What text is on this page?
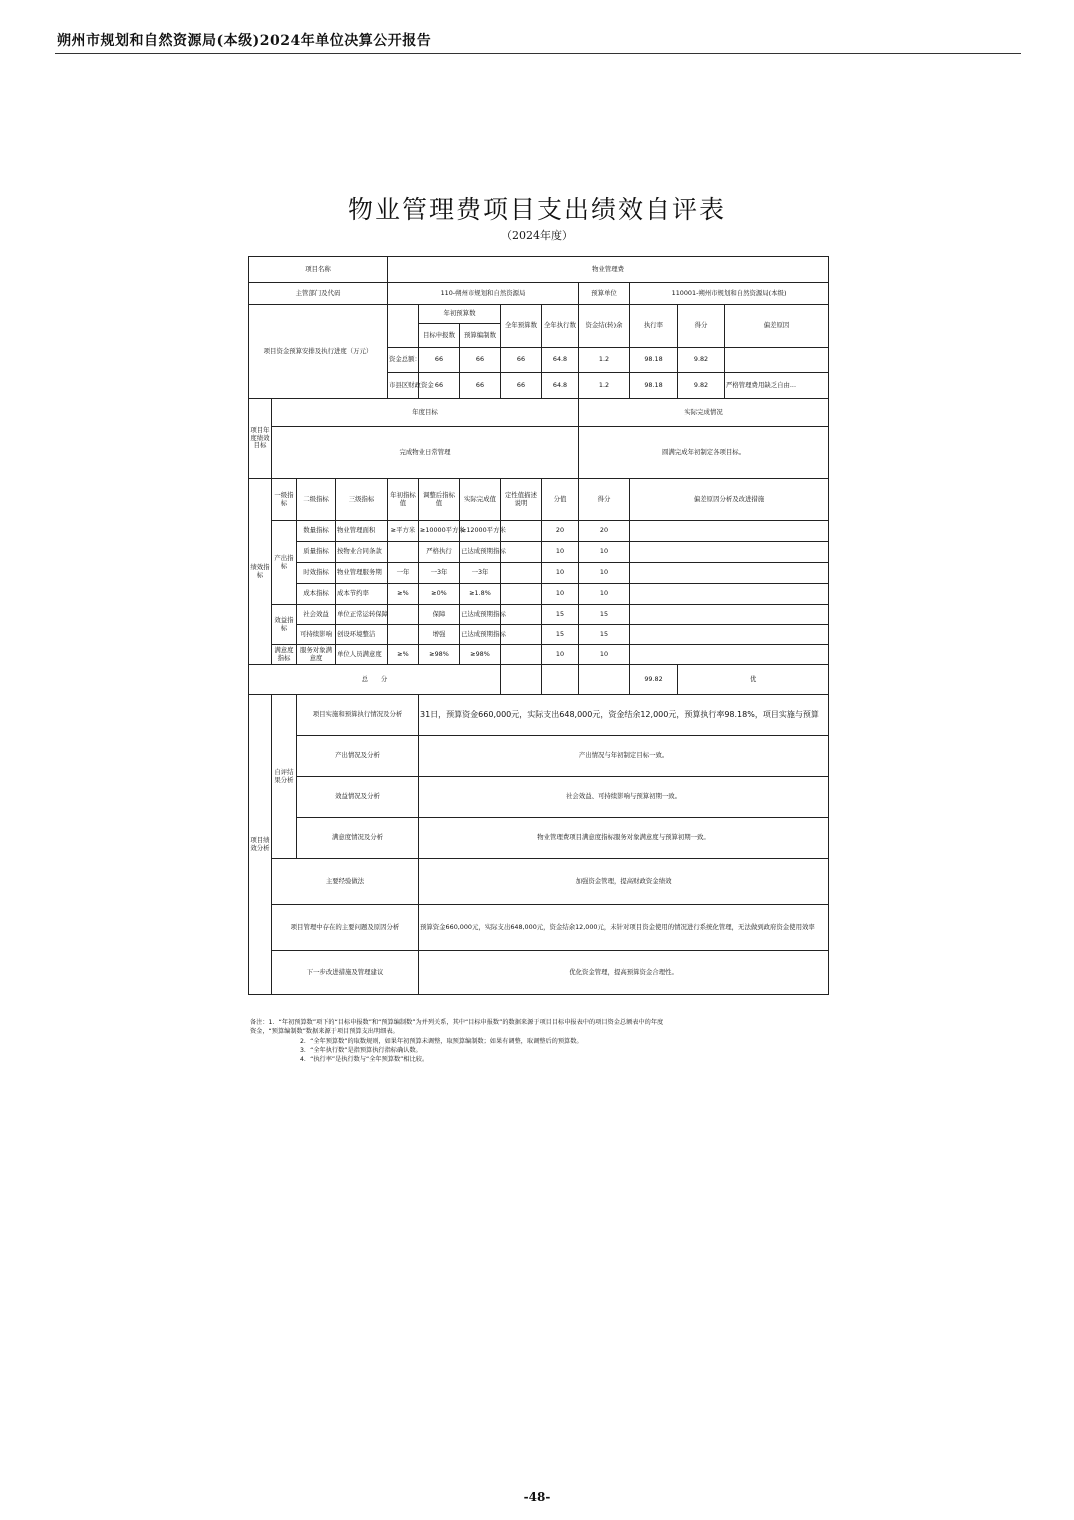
朔州市规划和自然资源局(本级)2024年单位决算公开报告
物业管理费项目支出绩效自评表
（2024年度）
项目名称				物业管理费								
主管部门及代码				110-朔州市规划和自然资源局					预算单位	110001-朔州市规划和自然资源局(本级)		
项目资金预算安排及执行进度（万元）					年初预算数		全年预算数	全年执行数	资金结(转)余	执行率	得分	偏差原因
					目标申报数	预算编制数						
				资金总额：	66	66	66	64.8	1.2	98.18	9.82	
				市县区财政资金	66	66	66	64.8	1.2	98.18	9.82	严格管理费用缺乏自由...
项目年度绩效目标	年度目标								实际完成情况			
	完成物业日常管理								圆满完成年初制定各项目标。			
绩效指标	一级指标	二级指标	三级指标	年初指标值	调整后指标值	实际完成值	定性值描述说明	分值	得分	偏差原因分析及改进措施		
	产出指标	数量指标	物业管理面积	≥平方米	≥10000平方米	≥12000平方米		20	20			
		质量指标	按物业合同条款		严格执行	已达成预期指标		10	10			
		时效指标	物业管理服务期	一年	一3年	一3年		10	10			
		成本指标	成本节约率	≥%	≥0%	≥1.8%		10	10			
	效益指标	社会效益	单位正常运转保障		保障	已达成预期指标		15	15			
		可持续影响	创设环境整洁		增强	已达成预期指标		15	15			
	满意度指标	服务对象满意度	单位人员满意度	≥%	≥98%	≥98%		10	10			
总　　分										99.82	优	
项目绩效分析	自评结果分析	项目实施和预算执行情况及分析			31日，预算资金660,000元，实际支出648,000元，资金结余12,000元，预算执行率98.18%，项目实施与预算							
		产出情况及分析			产出情况与年初制定目标一致。							
		效益情况及分析			社会效益、可持续影响与预算初期一致。							
		满意度情况及分析			物业管理费项目满意度指标服务对象满意度与预算初期一致。							
	主要经验做法				加强资金管理，提高财政资金绩效							
	项目管理中存在的主要问题及原因分析				预算资金660,000元，实际支出648,000元，资金结余12,000元，未针对项目资金使用的情况进行系统化管理，无法做到政府资金使用效率							
	下一步改进措施及管理建议				优化资金管理，提高预算资金合理性。							
备注：1．“年初预算数”项下的“目标申报数”和“预算编制数”为并列关系，其中“目标申报数”的数据来源于项目目标申报表中的项目资金总额表中的年度
资金，“预算编制数”数据来源于项目预算支出明细表。
2．“全年预算数”的取数规则，如果年初预算未调整，取预算编制数；如果有调整，取调整后的预算数。
3．“全年执行数”是指预算执行指标确认数。
4．“执行率”是执行数与“全年预算数”相比较。
-48-
